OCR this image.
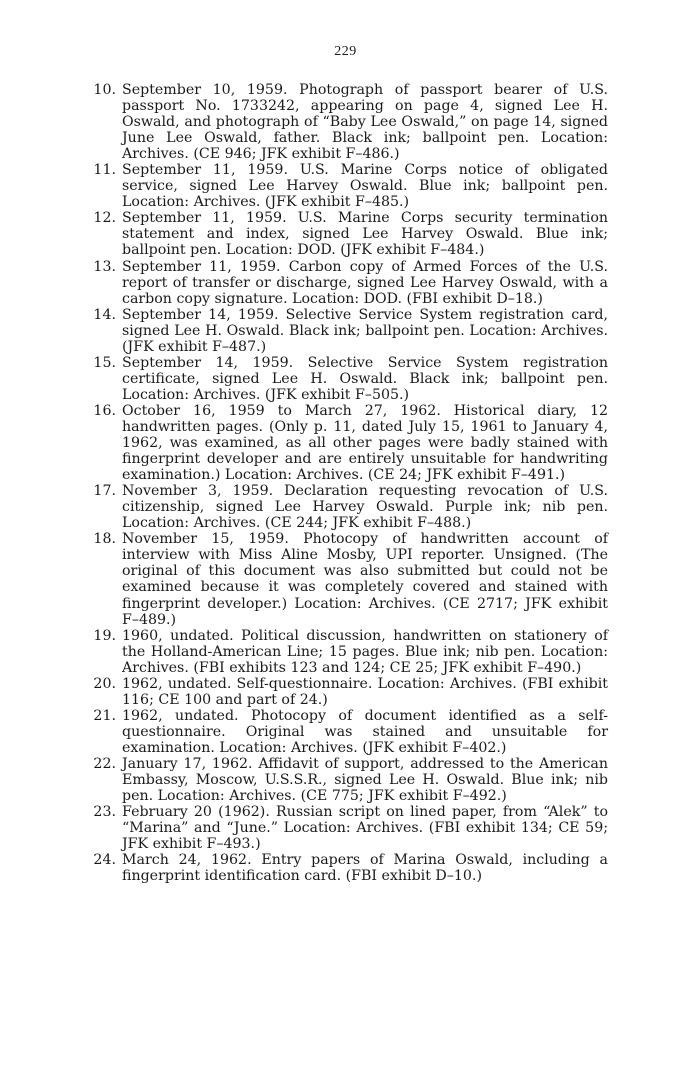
229
10. September 10, 1959. Photograph of passport bearer of U.S. passport No. 1733242, appearing on page 4, signed Lee H. Oswald, and photograph of “Baby Lee Oswald,” on page 14, signed June Lee Oswald, father. Black ink; ballpoint pen. Location: Archives. (CE 946; JFK exhibit F–486.)
11. September 11, 1959. U.S. Marine Corps notice of obligated service, signed Lee Harvey Oswald. Blue ink; ballpoint pen. Location: Archives. (JFK exhibit F–485.)
12. September 11, 1959. U.S. Marine Corps security termination statement and index, signed Lee Harvey Oswald. Blue ink; ballpoint pen. Location: DOD. (JFK exhibit F–484.)
13. September 11, 1959. Carbon copy of Armed Forces of the U.S. report of transfer or discharge, signed Lee Harvey Oswald, with a carbon copy signature. Location: DOD. (FBI exhibit D–18.)
14. September 14, 1959. Selective Service System registration card, signed Lee H. Oswald. Black ink; ballpoint pen. Location: Archives. (JFK exhibit F–487.)
15. September 14, 1959. Selective Service System registration certificate, signed Lee H. Oswald. Black ink; ballpoint pen. Location: Archives. (JFK exhibit F–505.)
16. October 16, 1959 to March 27, 1962. Historical diary, 12 handwritten pages. (Only p. 11, dated July 15, 1961 to January 4, 1962, was examined, as all other pages were badly stained with fingerprint developer and are entirely unsuitable for handwriting examination.) Location: Archives. (CE 24; JFK exhibit F–491.)
17. November 3, 1959. Declaration requesting revocation of U.S. citizenship, signed Lee Harvey Oswald. Purple ink; nib pen. Location: Archives. (CE 244; JFK exhibit F–488.)
18. November 15, 1959. Photocopy of handwritten account of interview with Miss Aline Mosby, UPI reporter. Unsigned. (The original of this document was also submitted but could not be examined because it was completely covered and stained with fingerprint developer.) Location: Archives. (CE 2717; JFK exhibit F–489.)
19. 1960, undated. Political discussion, handwritten on stationery of the Holland-American Line; 15 pages. Blue ink; nib pen. Location: Archives. (FBI exhibits 123 and 124; CE 25; JFK exhibit F–490.)
20. 1962, undated. Self-questionnaire. Location: Archives. (FBI exhibit 116; CE 100 and part of 24.)
21. 1962, undated. Photocopy of document identified as a self-questionnaire. Original was stained and unsuitable for examination. Location: Archives. (JFK exhibit F–402.)
22. January 17, 1962. Affidavit of support, addressed to the American Embassy, Moscow, U.S.S.R., signed Lee H. Oswald. Blue ink; nib pen. Location: Archives. (CE 775; JFK exhibit F–492.)
23. February 20 (1962). Russian script on lined paper, from “Alek” to “Marina” and “June.” Location: Archives. (FBI exhibit 134; CE 59; JFK exhibit F–493.)
24. March 24, 1962. Entry papers of Marina Oswald, including a fingerprint identification card. (FBI exhibit D–10.)
